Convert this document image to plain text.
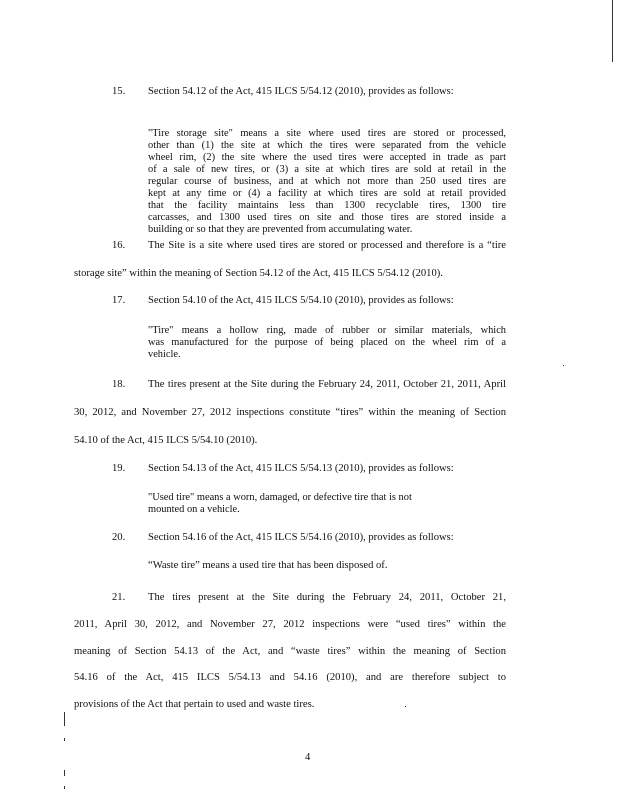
15. Section 54.12 of the Act, 415 ILCS 5/54.12 (2010), provides as follows:
"Tire storage site" means a site where used tires are stored or processed,
other than (1) the site at which the tires were separated from the vehicle
wheel rim, (2) the site where the used tires were accepted in trade as part
of a sale of new tires, or (3) a site at which tires are sold at retail in the
regular course of business, and at which not more than 250 used tires are
kept at any time or (4) a facility at which tires are sold at retail provided
that the facility maintains less than 1300 recyclable tires, 1300 tire
carcasses, and 1300 used tires on site and those tires are stored inside a
building or so that they are prevented from accumulating water.
16. The Site is a site where used tires are stored or processed and therefore is a “tire
storage site” within the meaning of Section 54.12 of the Act, 415 ILCS 5/54.12 (2010).
17. Section 54.10 of the Act, 415 ILCS 5/54.10 (2010), provides as follows:
"Tire" means a hollow ring, made of rubber or similar materials, which
was manufactured for the purpose of being placed on the wheel rim of a
vehicle.
18. The tires present at the Site during the February 24, 2011, October 21, 2011, April
30, 2012, and November 27, 2012 inspections constitute “tires” within the meaning of Section
54.10 of the Act, 415 ILCS 5/54.10 (2010).
19. Section 54.13 of the Act, 415 ILCS 5/54.13 (2010), provides as follows:
"Used tire" means a worn, damaged, or defective tire that is not
mounted on a vehicle.
20. Section 54.16 of the Act, 415 ILCS 5/54.16 (2010), provides as follows:
“Waste tire” means a used tire that has been disposed of.
21. The tires present at the Site during the February 24, 2011, October 21,
2011, April 30, 2012, and November 27, 2012 inspections were “used tires” within the
meaning of Section 54.13 of the Act, and “waste tires” within the meaning of Section
54.16 of the Act, 415 ILCS 5/54.13 and 54.16 (2010), and are therefore subject to
provisions of the Act that pertain to used and waste tires.
4
